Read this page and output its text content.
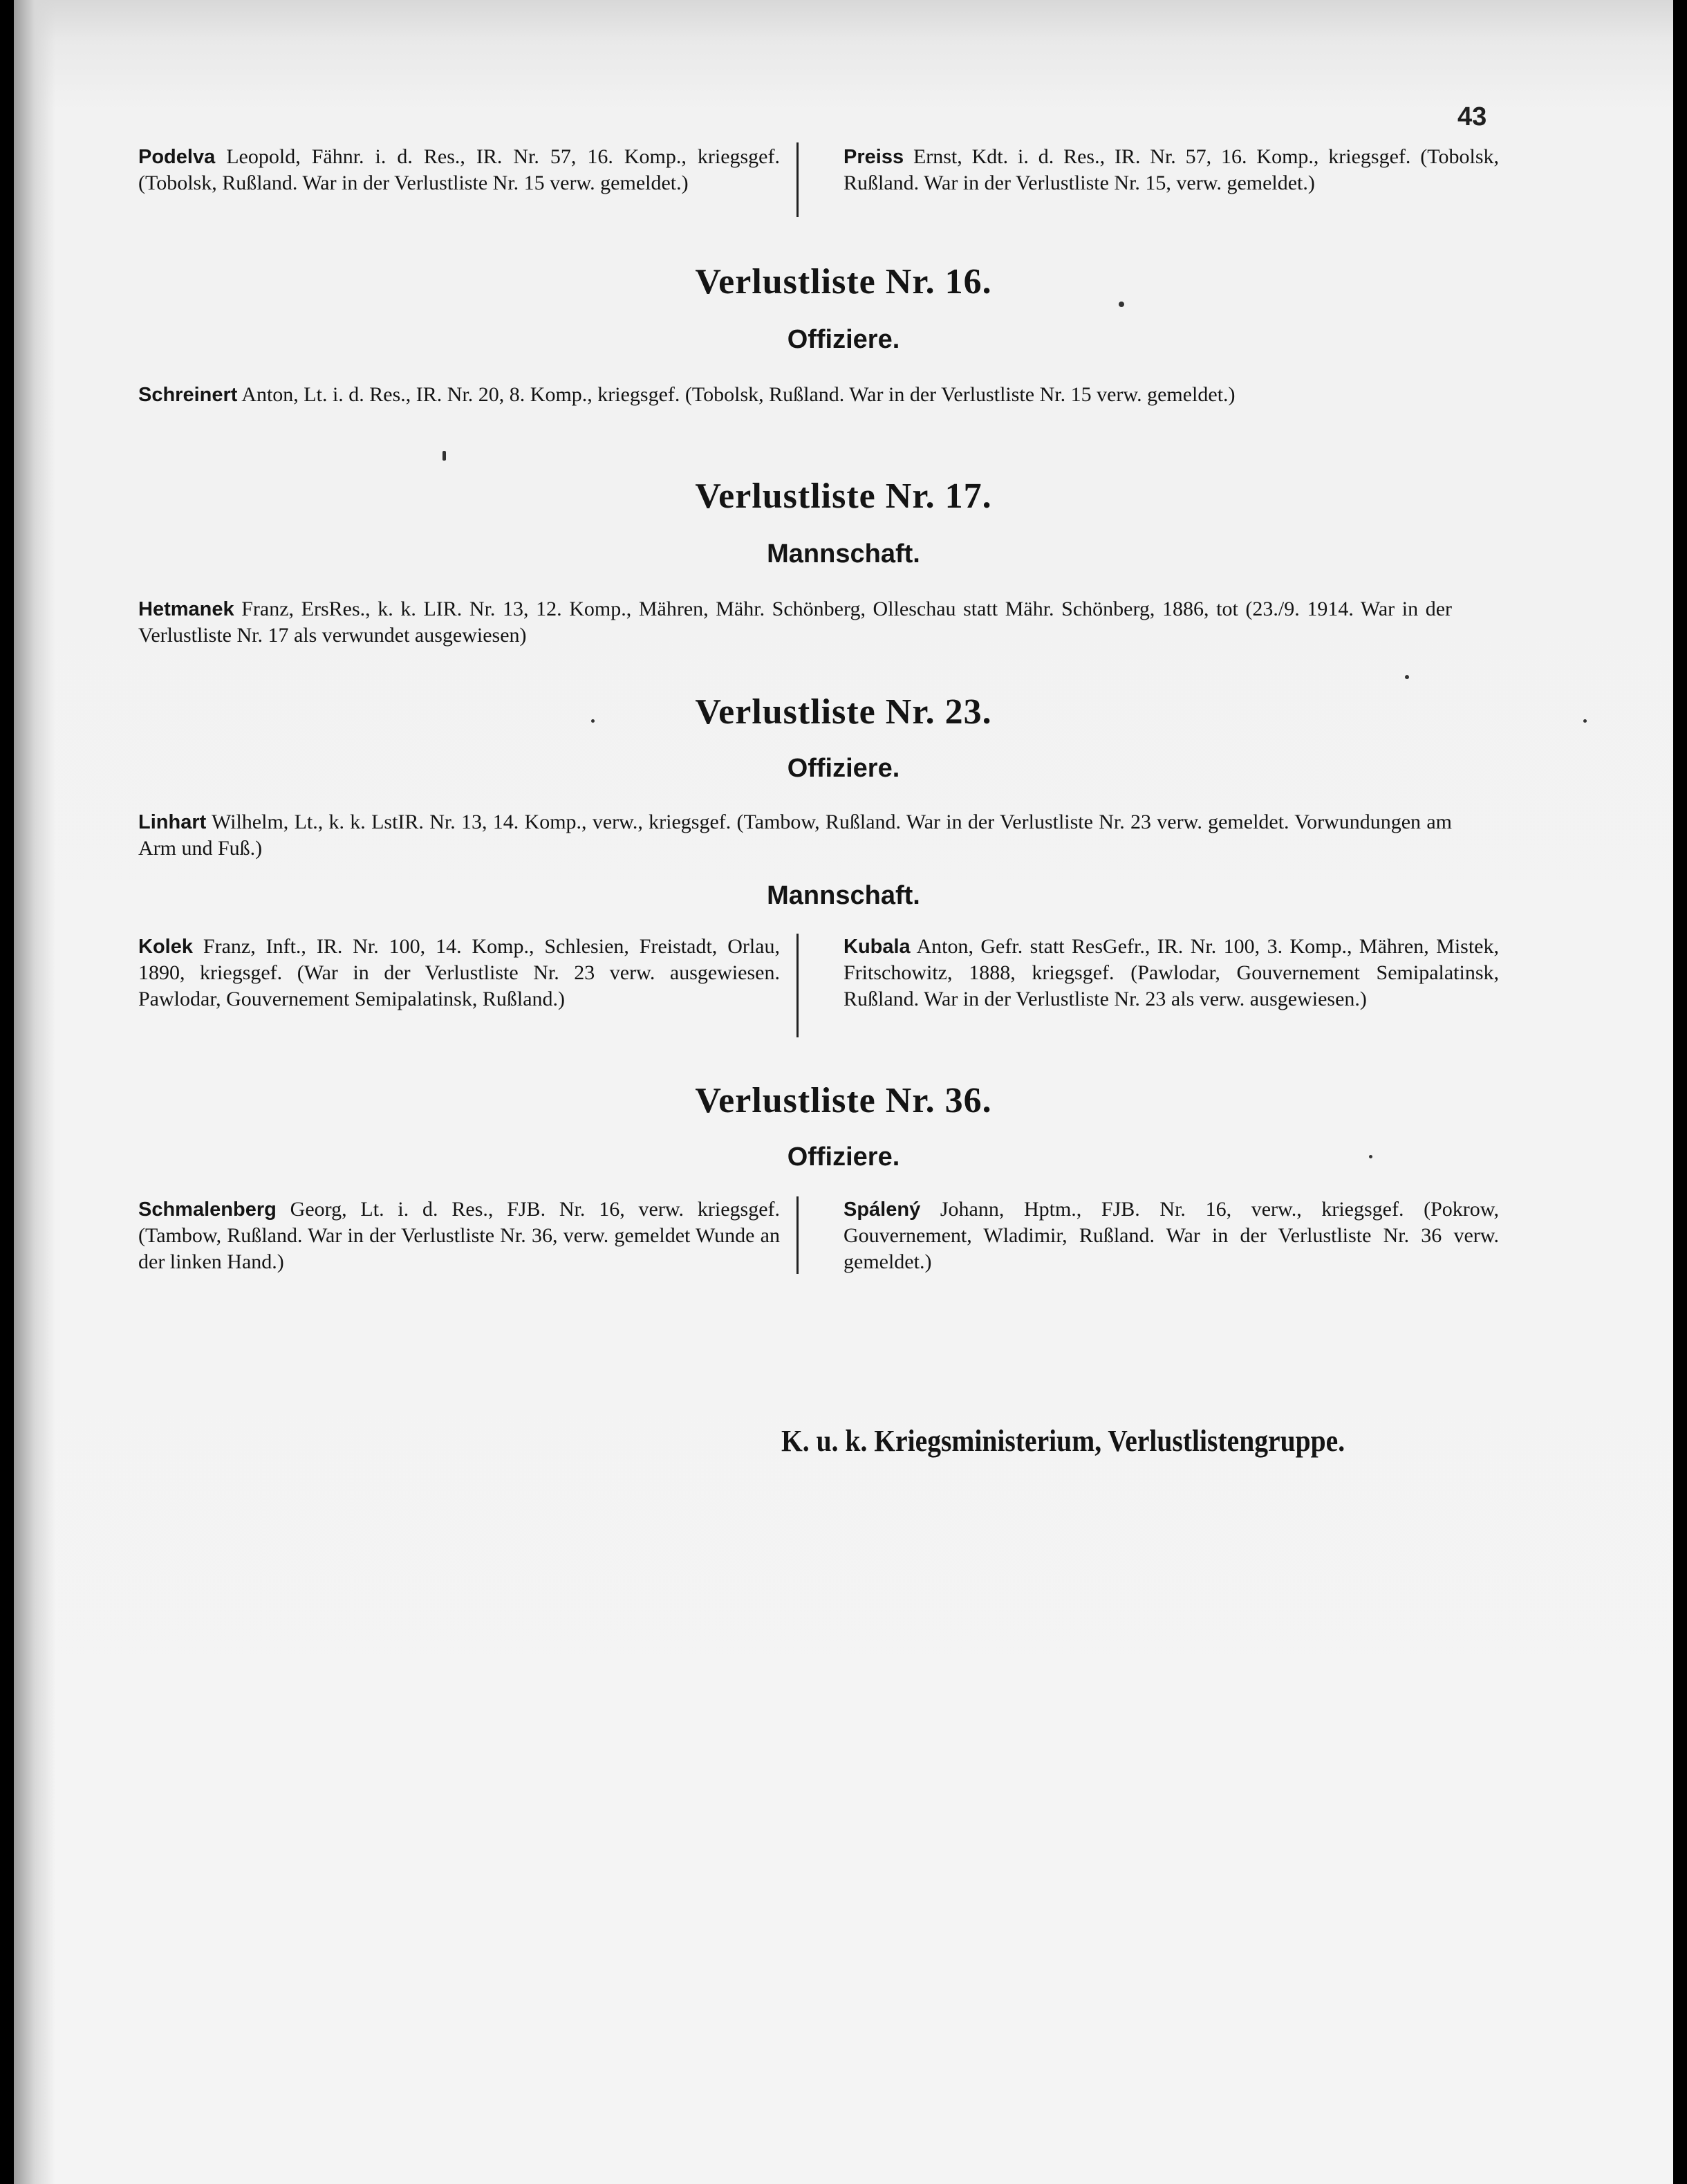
43
Podelva Leopold, Fähnr. i. d. Res., IR. Nr. 57, 16. Komp., kriegsgef. (Tobolsk, Rußland. War in der Verlustliste Nr. 15 verw. gemeldet.)
Preiss Ernst, Kdt. i. d. Res., IR. Nr. 57, 16. Komp., kriegsgef. (Tobolsk, Rußland. War in der Verlustliste Nr. 15, verw. gemeldet.)
Verlustliste Nr. 16.
Offiziere.
Schreinert Anton, Lt. i. d. Res., IR. Nr. 20, 8. Komp., kriegsgef. (Tobolsk, Rußland. War in der Verlustliste Nr. 15 verw. gemeldet.)
Verlustliste Nr. 17.
Mannschaft.
Hetmanek Franz, ErsRes., k. k. LIR. Nr. 13, 12. Komp., Mähren, Mähr. Schönberg, Olleschau statt Mähr. Schönberg, 1886, tot (23./9. 1914. War in der Verlustliste Nr. 17 als verwundet ausgewiesen)
Verlustliste Nr. 23.
Offiziere.
Linhart Wilhelm, Lt., k. k. LstIR. Nr. 13, 14. Komp., verw., kriegsgef. (Tambow, Rußland. War in der Verlustliste Nr. 23 verw. gemeldet. Vorwundungen am Arm und Fuß.)
Mannschaft.
Kolek Franz, Inft., IR. Nr. 100, 14. Komp., Schlesien, Freistadt, Orlau, 1890, kriegsgef. (War in der Verlustliste Nr. 23 verw. ausgewiesen. Pawlodar, Gouvernement Semipalatinsk, Rußland.)
Kubala Anton, Gefr. statt ResGefr., IR. Nr. 100, 3. Komp., Mähren, Mistek, Fritschowitz, 1888, kriegsgef. (Pawlodar, Gouvernement Semipalatinsk, Rußland. War in der Verlustliste Nr. 23 als verw. ausgewiesen.)
Verlustliste Nr. 36.
Offiziere.
Schmalenberg Georg, Lt. i. d. Res., FJB. Nr. 16, verw. kriegsgef. (Tambow, Rußland. War in der Verlustliste Nr. 36, verw. gemeldet Wunde an der linken Hand.)
Spálený Johann, Hptm., FJB. Nr. 16, verw., kriegsgef. (Pokrow, Gouvernement, Wladimir, Rußland. War in der Verlustliste Nr. 36 verw. gemeldet.)
K. u. k. Kriegsministerium, Verlustlistengruppe.
